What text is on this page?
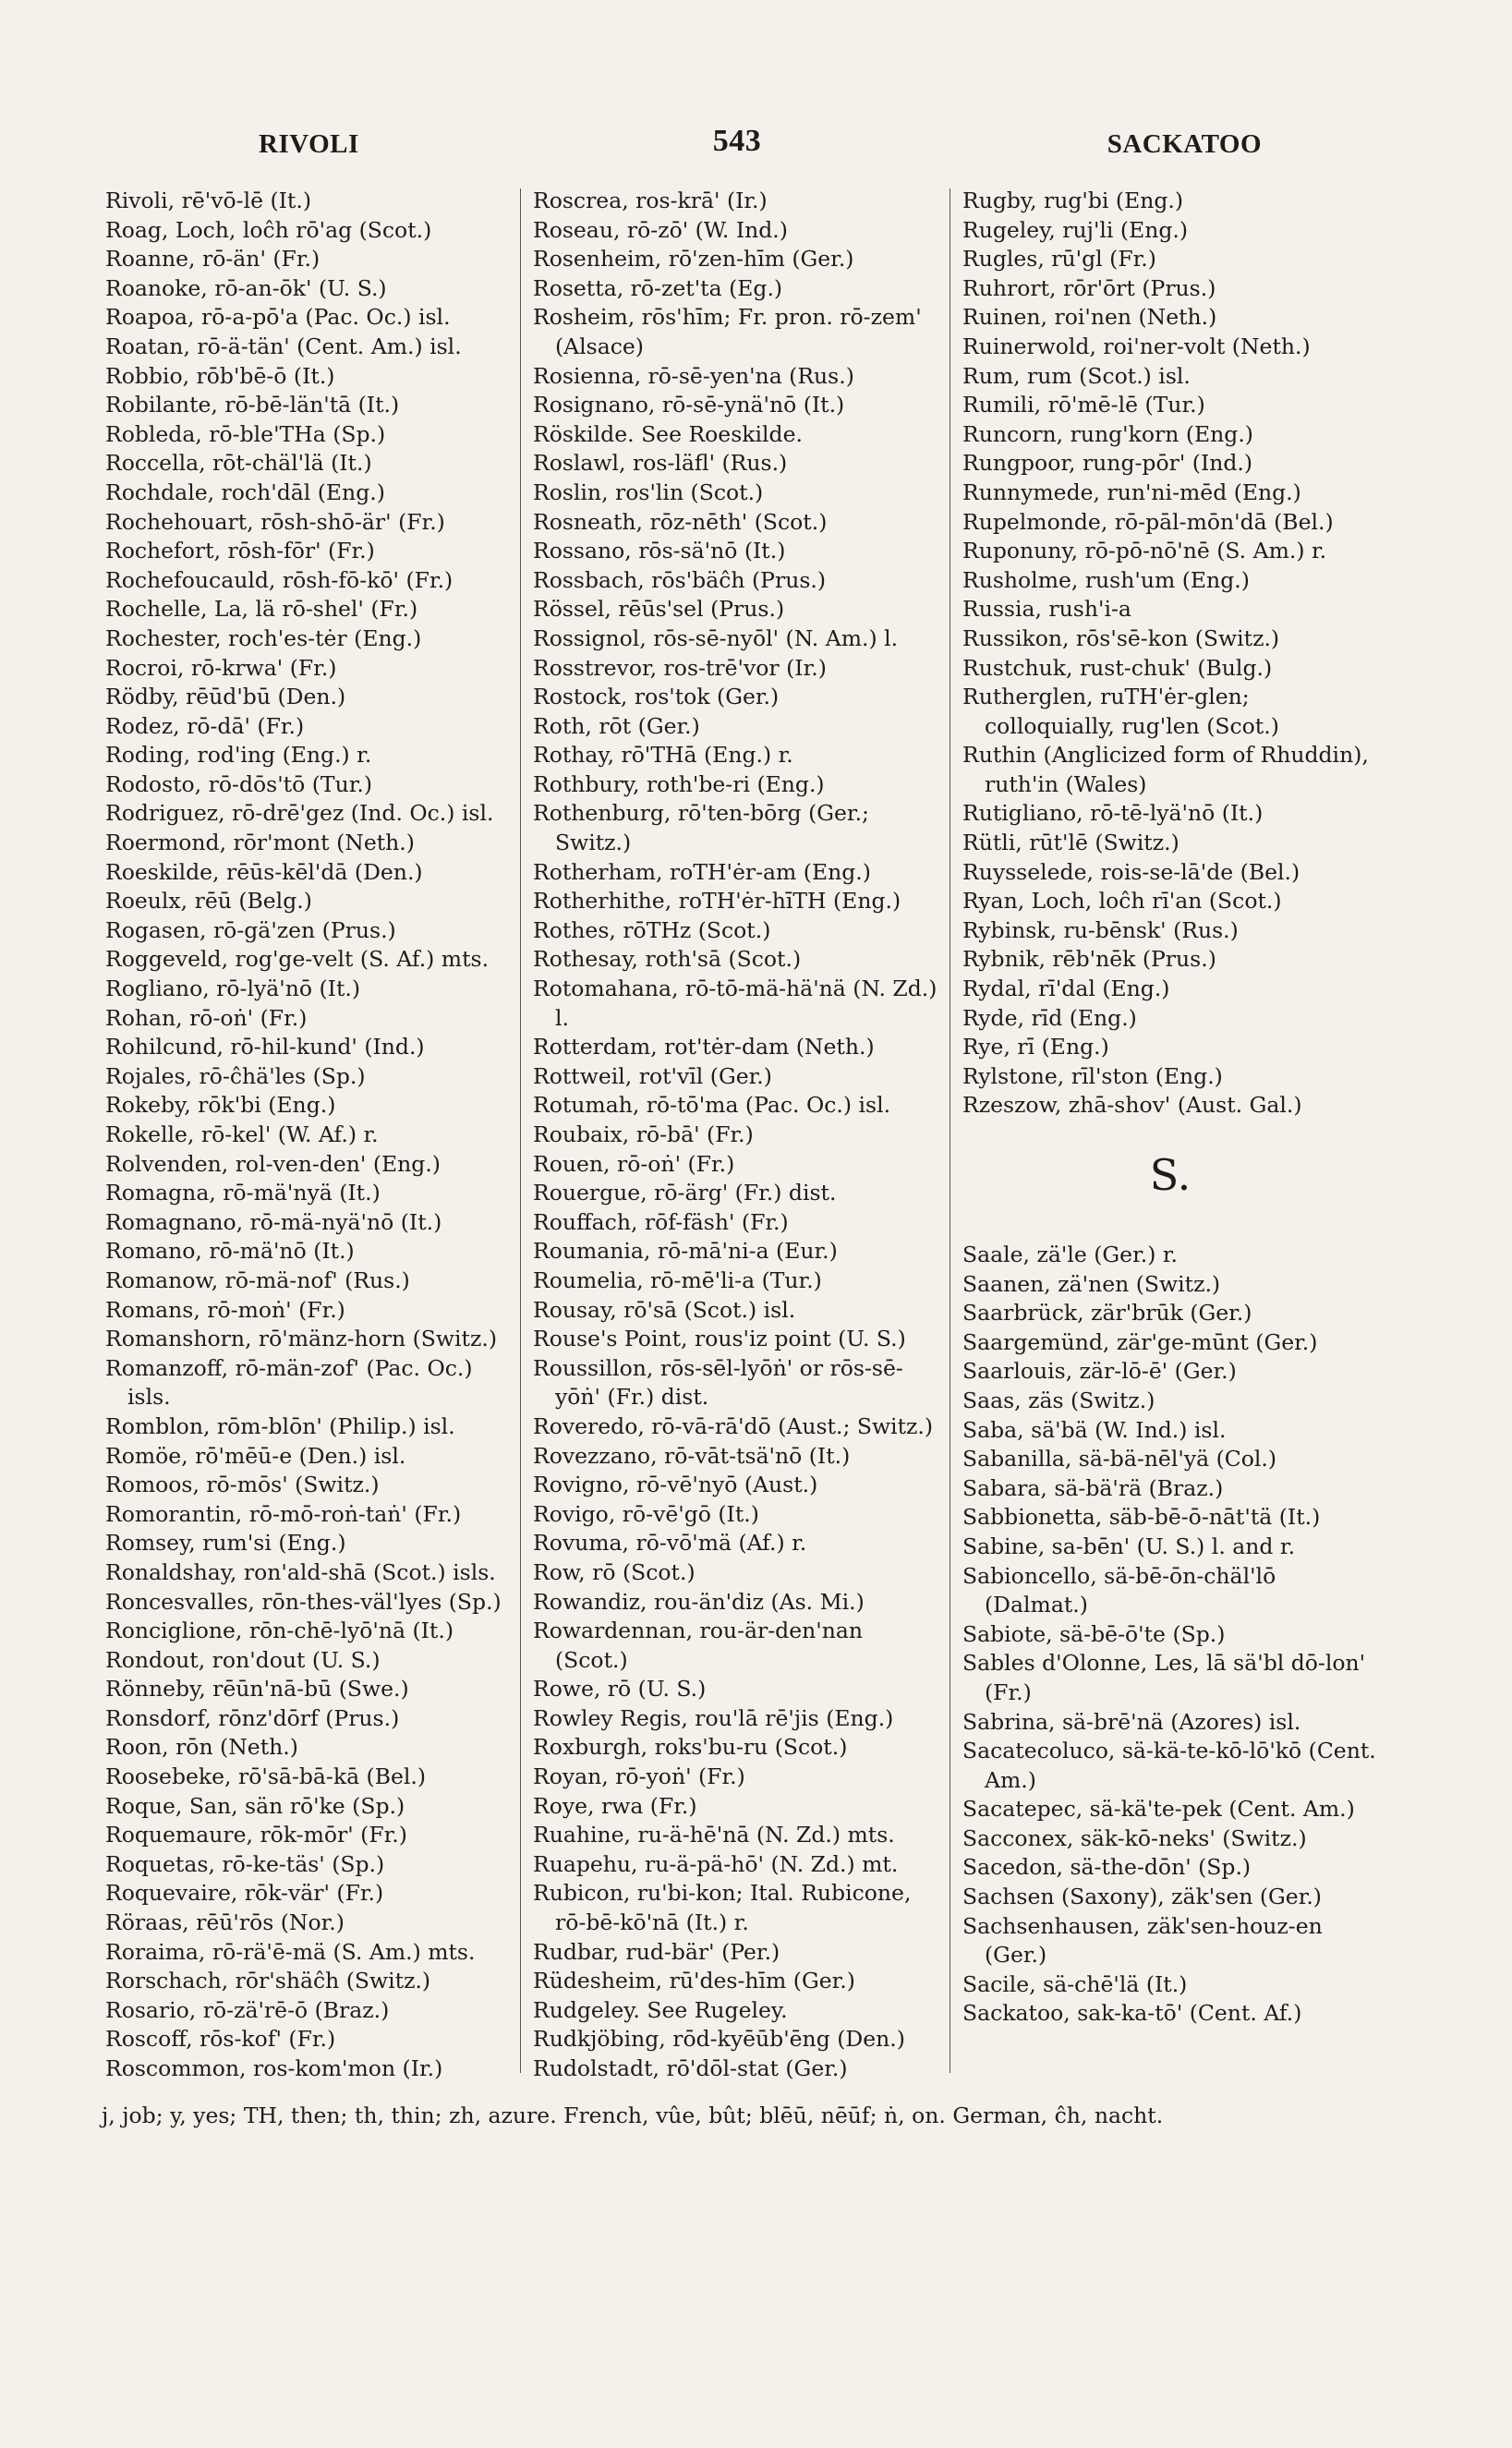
RIVOLI	543	SACKATOO
Rivoli, rē'vō-lē (It.)
Roag, Loch, loĉh rō'ag (Scot.)
Roanne, rō-än' (Fr.)
Roanoke, rō-an-ōk' (U. S.)
Roapoa, rō-a-pō'a (Pac. Oc.) isl.
Roatan, rō-ä-tän' (Cent. Am.) isl.
Robbio, rōb'bē-ō (It.)
Robilante, rō-bē-län'tā (It.)
Robleda, rō-ble'THa (Sp.)
Roccella, rōt-chäl'lä (It.)
Rochdale, roch'dāl (Eng.)
Rochehouart, rōsh-shō-är' (Fr.)
Rochefort, rōsh-fōr' (Fr.)
Rochefoucauld, rōsh-fō-kō' (Fr.)
Rochelle, La, lä rō-shel' (Fr.)
Rochester, roch'es-tėr (Eng.)
Rocroi, rō-krwa' (Fr.)
Rödby, rēūd'bū (Den.)
Rodez, rō-dā' (Fr.)
Roding, rod'ing (Eng.) r.
Rodosto, rō-dōs'tō (Tur.)
Rodriguez, rō-drē'gez (Ind. Oc.) isl.
Roermond, rōr'mont (Neth.)
Roeskilde, rēūs-kēl'dā (Den.)
Roeulx, rēū (Belg.)
Rogasen, rō-gä'zen (Prus.)
Roggeveld, rog'ge-velt (S. Af.) mts.
Rogliano, rō-lyä'nō (It.)
Rohan, rō-oṅ' (Fr.)
Rohilcund, rō-hil-kund' (Ind.)
Rojales, rō-ĉhä'les (Sp.)
Rokeby, rōk'bi (Eng.)
Rokelle, rō-kel' (W. Af.) r.
Rolvenden, rol-ven-den' (Eng.)
Romagna, rō-mä'nyä (It.)
Romagnano, rō-mä-nyä'nō (It.)
Romano, rō-mä'nō (It.)
Romanow, rō-mä-nof' (Rus.)
Romans, rō-moṅ' (Fr.)
Romanshorn, rō'mänz-horn (Switz.)
Romanzoff, rō-män-zof' (Pac. Oc.) isls.
Romblon, rōm-blōn' (Philip.) isl.
Romöe, rō'mēū-e (Den.) isl.
Romoos, rō-mōs' (Switz.)
Romorantin, rō-mō-roṅ-taṅ' (Fr.)
Romsey, rum'si (Eng.)
Ronaldshay, ron'ald-shā (Scot.) isls.
Roncesvalles, rōn-thes-väl'lyes (Sp.)
Ronciglione, rōn-chē-lyō'nā (It.)
Rondout, ron'dout (U. S.)
Rönneby, rēūn'nā-bū (Swe.)
Ronsdorf, rōnz'dōrf (Prus.)
Roon, rōn (Neth.)
Roosebeke, rō'sā-bā-kā (Bel.)
Roque, San, sän rō'ke (Sp.)
Roquemaure, rōk-mōr' (Fr.)
Roquetas, rō-ke-täs' (Sp.)
Roquevaire, rōk-vär' (Fr.)
Röraas, rēū'rōs (Nor.)
Roraima, rō-rä'ē-mä (S. Am.) mts.
Rorschach, rōr'shäĉh (Switz.)
Rosario, rō-zä'rē-ō (Braz.)
Roscoff, rōs-kof' (Fr.)
Roscommon, ros-kom'mon (Ir.)
Roscrea, ros-krā' (Ir.)
Roseau, rō-zō' (W. Ind.)
Rosenheim, rō'zen-hīm (Ger.)
Rosetta, rō-zet'ta (Eg.)
Rosheim, rōs'hīm; Fr. pron. rō-zem' (Alsace)
Rosienna, rō-sē-yen'na (Rus.)
Rosignano, rō-sē-ynä'nō (It.)
Röskilde. See Roeskilde.
Roslawl, ros-läfl' (Rus.)
Roslin, ros'lin (Scot.)
Rosneath, rōz-nēth' (Scot.)
Rossano, rōs-sä'nō (It.)
Rossbach, rōs'bäĉh (Prus.)
Rössel, rēūs'sel (Prus.)
Rossignol, rōs-sē-nyōl' (N. Am.) l.
Rosstrevor, ros-trē'vor (Ir.)
Rostock, ros'tok (Ger.)
Roth, rōt (Ger.)
Rothay, rō'THā (Eng.) r.
Rothbury, roth'be-ri (Eng.)
Rothenburg, rō'ten-bōrg (Ger.; Switz.)
Rotherham, roTH'ėr-am (Eng.)
Rotherhithe, roTH'ėr-hīTH (Eng.)
Rothes, rōTHz (Scot.)
Rothesay, roth'sā (Scot.)
Rotomahana, rō-tō-mä-hä'nä (N. Zd.) l.
Rotterdam, rot'tėr-dam (Neth.)
Rottweil, rot'vīl (Ger.)
Rotumah, rō-tō'ma (Pac. Oc.) isl.
Roubaix, rō-bā' (Fr.)
Rouen, rō-oṅ' (Fr.)
Rouergue, rō-ärg' (Fr.) dist.
Rouffach, rōf-fäsh' (Fr.)
Roumania, rō-mā'ni-a (Eur.)
Roumelia, rō-mē'li-a (Tur.)
Rousay, rō'sā (Scot.) isl.
Rouse's Point, rous'iz point (U. S.)
Roussillon, rōs-sēl-lyōṅ' or rōs-sē-yōṅ' (Fr.) dist.
Roveredo, rō-vā-rā'dō (Aust.; Switz.)
Rovezzano, rō-vāt-tsä'nō (It.)
Rovigno, rō-vē'nyō (Aust.)
Rovigo, rō-vē'gō (It.)
Rovuma, rō-vō'mä (Af.) r.
Row, rō (Scot.)
Rowandiz, rou-än'diz (As. Mi.)
Rowardennan, rou-är-den'nan (Scot.)
Rowe, rō (U. S.)
Rowley Regis, rou'lā rē'jis (Eng.)
Roxburgh, roks'bu-ru (Scot.)
Royan, rō-yoṅ' (Fr.)
Roye, rwa (Fr.)
Ruahine, ru-ä-hē'nā (N. Zd.) mts.
Ruapehu, ru-ä-pä-hō' (N. Zd.) mt.
Rubicon, ru'bi-kon; Ital. Rubicone, rō-bē-kō'nā (It.) r.
Rudbar, rud-bär' (Per.)
Rüdesheim, rū'des-hīm (Ger.)
Rudgeley. See Rugeley.
Rudkjöbing, rōd-kyēūb'ēng (Den.)
Rudolstadt, rō'dōl-stat (Ger.)
Rugby, rug'bi (Eng.)
Rugeley, ruj'li (Eng.)
Rugles, rū'gl (Fr.)
Ruhrort, rōr'ōrt (Prus.)
Ruinen, roi'nen (Neth.)
Ruinerwold, roi'ner-volt (Neth.)
Rum, rum (Scot.) isl.
Rumili, rō'mē-lē (Tur.)
Runcorn, rung'korn (Eng.)
Rungpoor, rung-pōr' (Ind.)
Runnymede, run'ni-mēd (Eng.)
Rupelmonde, rō-pāl-mōn'dā (Bel.)
Ruponuny, rō-pō-nō'nē (S. Am.) r.
Rusholme, rush'um (Eng.)
Russia, rush'i-a
Russikon, rōs'sē-kon (Switz.)
Rustchuk, rust-chuk' (Bulg.)
Rutherglen, ruTH'ėr-glen; colloquially, rug'len (Scot.)
Ruthin (Anglicized form of Rhuddin), ruth'in (Wales)
Rutigliano, rō-tē-lyä'nō (It.)
Rütli, rūt'lē (Switz.)
Ruysselede, rois-se-lā'de (Bel.)
Ryan, Loch, loĉh rī'an (Scot.)
Rybinsk, ru-bēnsk' (Rus.)
Rybnik, rēb'nēk (Prus.)
Rydal, rī'dal (Eng.)
Ryde, rīd (Eng.)
Rye, rī (Eng.)
Rylstone, rīl'ston (Eng.)
Rzeszow, zhā-shov' (Aust. Gal.)
S.
Saale, zä'le (Ger.) r.
Saanen, zä'nen (Switz.)
Saarbrück, zär'brūk (Ger.)
Saargemünd, zär'ge-mūnt (Ger.)
Saarlouis, zär-lō-ē' (Ger.)
Saas, zäs (Switz.)
Saba, sä'bä (W. Ind.) isl.
Sabanilla, sä-bä-nēl'yä (Col.)
Sabara, sä-bä'rä (Braz.)
Sabbionetta, säb-bē-ō-nāt'tä (It.)
Sabine, sa-bēn' (U. S.) l. and r.
Sabioncello, sä-bē-ōn-chäl'lō (Dalmat.)
Sabiote, sä-bē-ō'te (Sp.)
Sables d'Olonne, Les, lā sä'bl dō-lon' (Fr.)
Sabrina, sä-brē'nä (Azores) isl.
Sacatecoluco, sä-kä-te-kō-lō'kō (Cent. Am.)
Sacatepec, sä-kä'te-pek (Cent. Am.)
Sacconex, säk-kō-neks' (Switz.)
Sacedon, sä-the-dōn' (Sp.)
Sachsen (Saxony), zäk'sen (Ger.)
Sachsenhausen, zäk'sen-houz-en (Ger.)
Sacile, sä-chē'lä (It.)
Sackatoo, sak-ka-tō' (Cent. Af.)
j, job; y, yes; TH, then; th, thin; zh, azure. French, vûe, bût; blēū, nēūf; ṅ, on. German, ĉh, nacht.
